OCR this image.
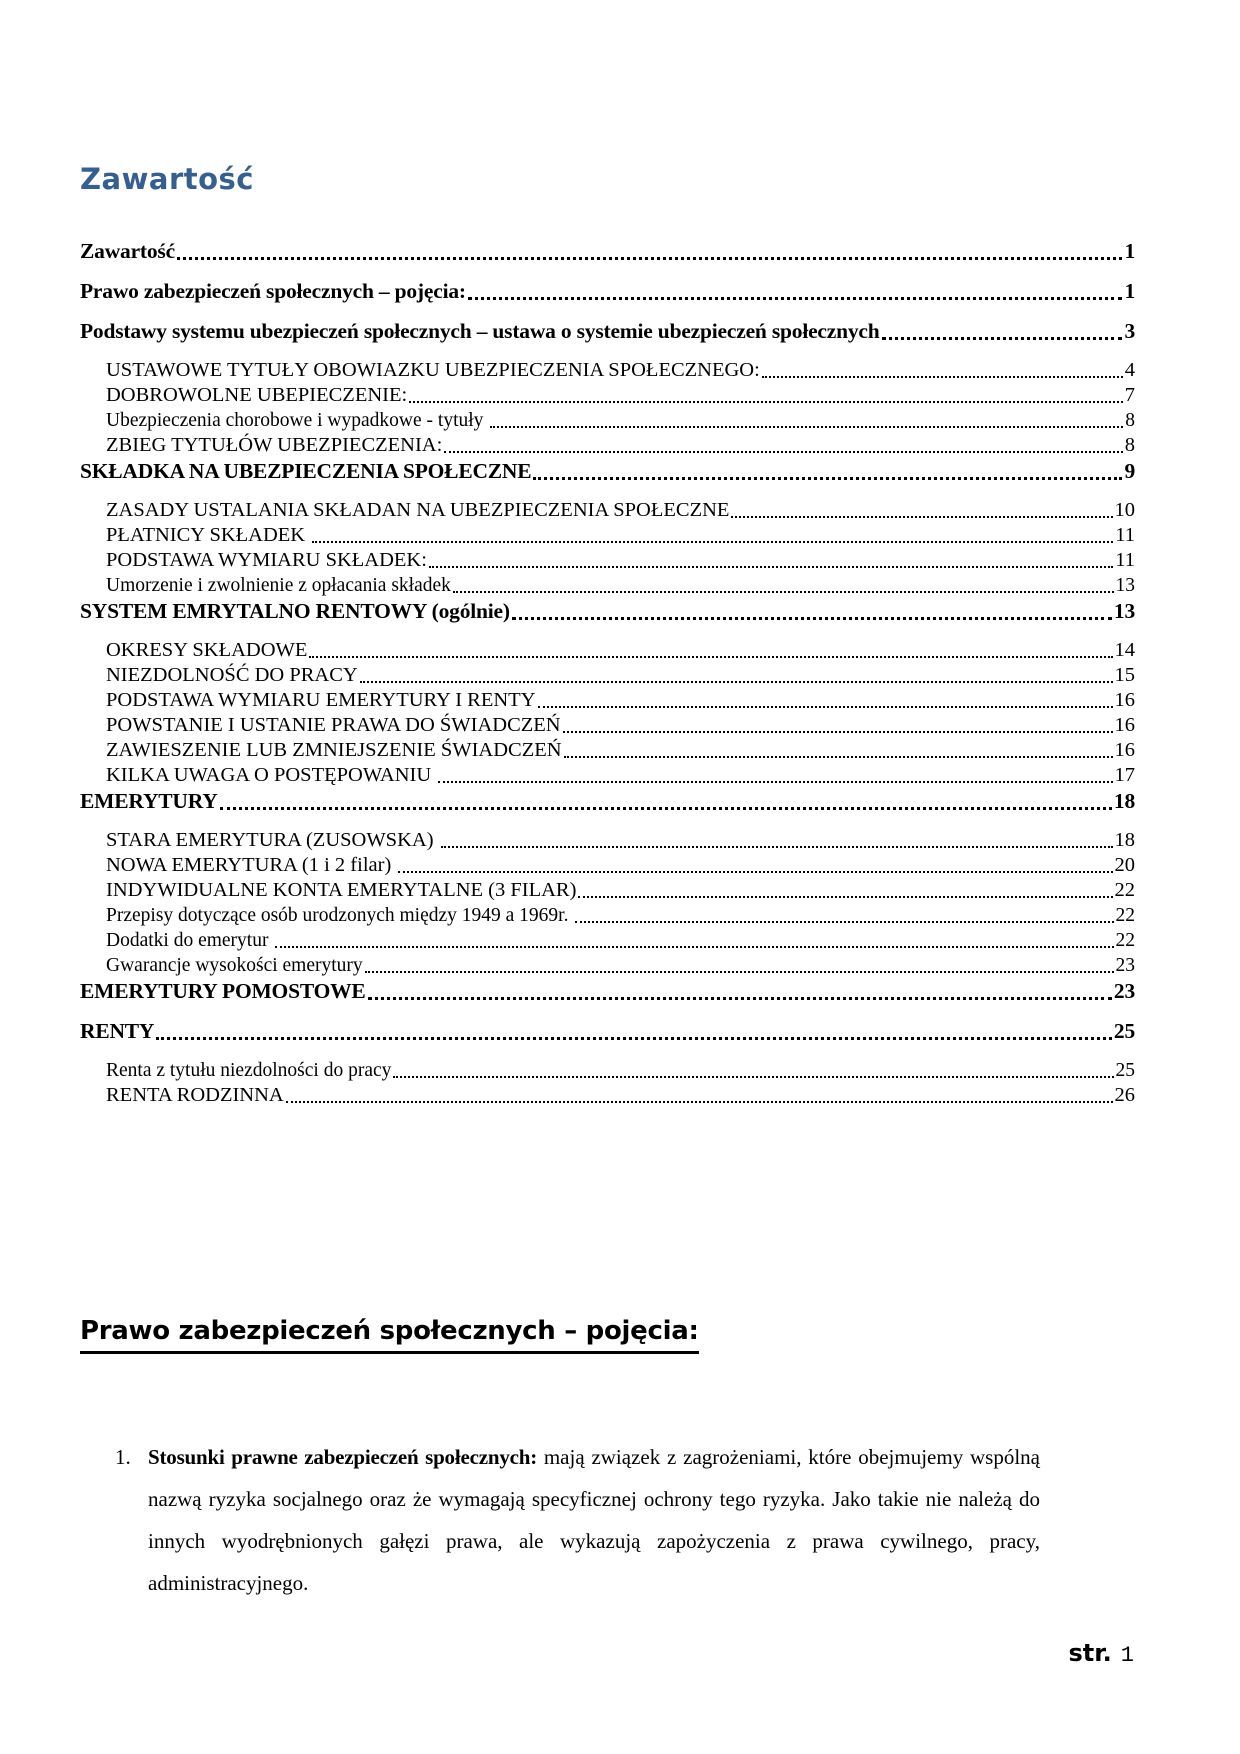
Zawartość
Zawartość	1
Prawo zabezpieczeń społecznych – pojęcia:	1
Podstawy systemu ubezpieczeń społecznych – ustawa o systemie ubezpieczeń społecznych	3
USTAWOWE TYTUŁY OBOWIAZKU UBEZPIECZENIA SPOŁECZNEGO:	4
DOBROWOLNE UBEPIECZENIE:	7
Ubezpieczenia chorobowe i wypadkowe - tytuły	8
ZBIEG TYTUŁÓW UBEZPIECZENIA:	8
SKŁADKA NA UBEZPIECZENIA SPOŁECZNE	9
ZASADY USTALANIA SKŁADAN NA UBEZPIECZENIA SPOŁECZNE	10
PŁATNICY SKŁADEK	11
PODSTAWA WYMIARU SKŁADEK:	11
Umorzenie i zwolnienie z opłacania składek	13
SYSTEM EMRYTALNO RENTOWY (ogólnie)	13
OKRESY SKŁADOWE	14
NIEZDOLNOŚĆ DO PRACY	15
PODSTAWA WYMIARU EMERYTURY I RENTY	16
POWSTANIE I USTANIE PRAWA DO ŚWIADCZEŃ	16
ZAWIESZENIE LUB ZMNIEJSZENIE ŚWIADCZEŃ	16
KILKA UWAGA O POSTĘPOWANIU	17
EMERYTURY	18
STARA EMERYTURA (ZUSOWSKA)	18
NOWA EMERYTURA (1 i 2 filar)	20
INDYWIDUALNE KONTA EMERYTALNE (3 FILAR)	22
Przepisy dotyczące osób urodzonych między 1949 a 1969r.	22
Dodatki do emerytur	22
Gwarancje wysokości emerytury	23
EMERYTURY POMOSTOWE	23
RENTY	25
Renta z tytułu niezdolności do pracy	25
RENTA RODZINNA	26
Prawo zabezpieczeń społecznych – pojęcia:
1. Stosunki prawne zabezpieczeń społecznych: mają związek z zagrożeniami, które obejmujemy wspólną nazwą ryzyka socjalnego oraz że wymagają specyficznej ochrony tego ryzyka. Jako takie nie należą do innych wyodrębnionych gałęzi prawa, ale wykazują zapożyczenia z prawa cywilnego, pracy, administracyjnego.
str. 1
